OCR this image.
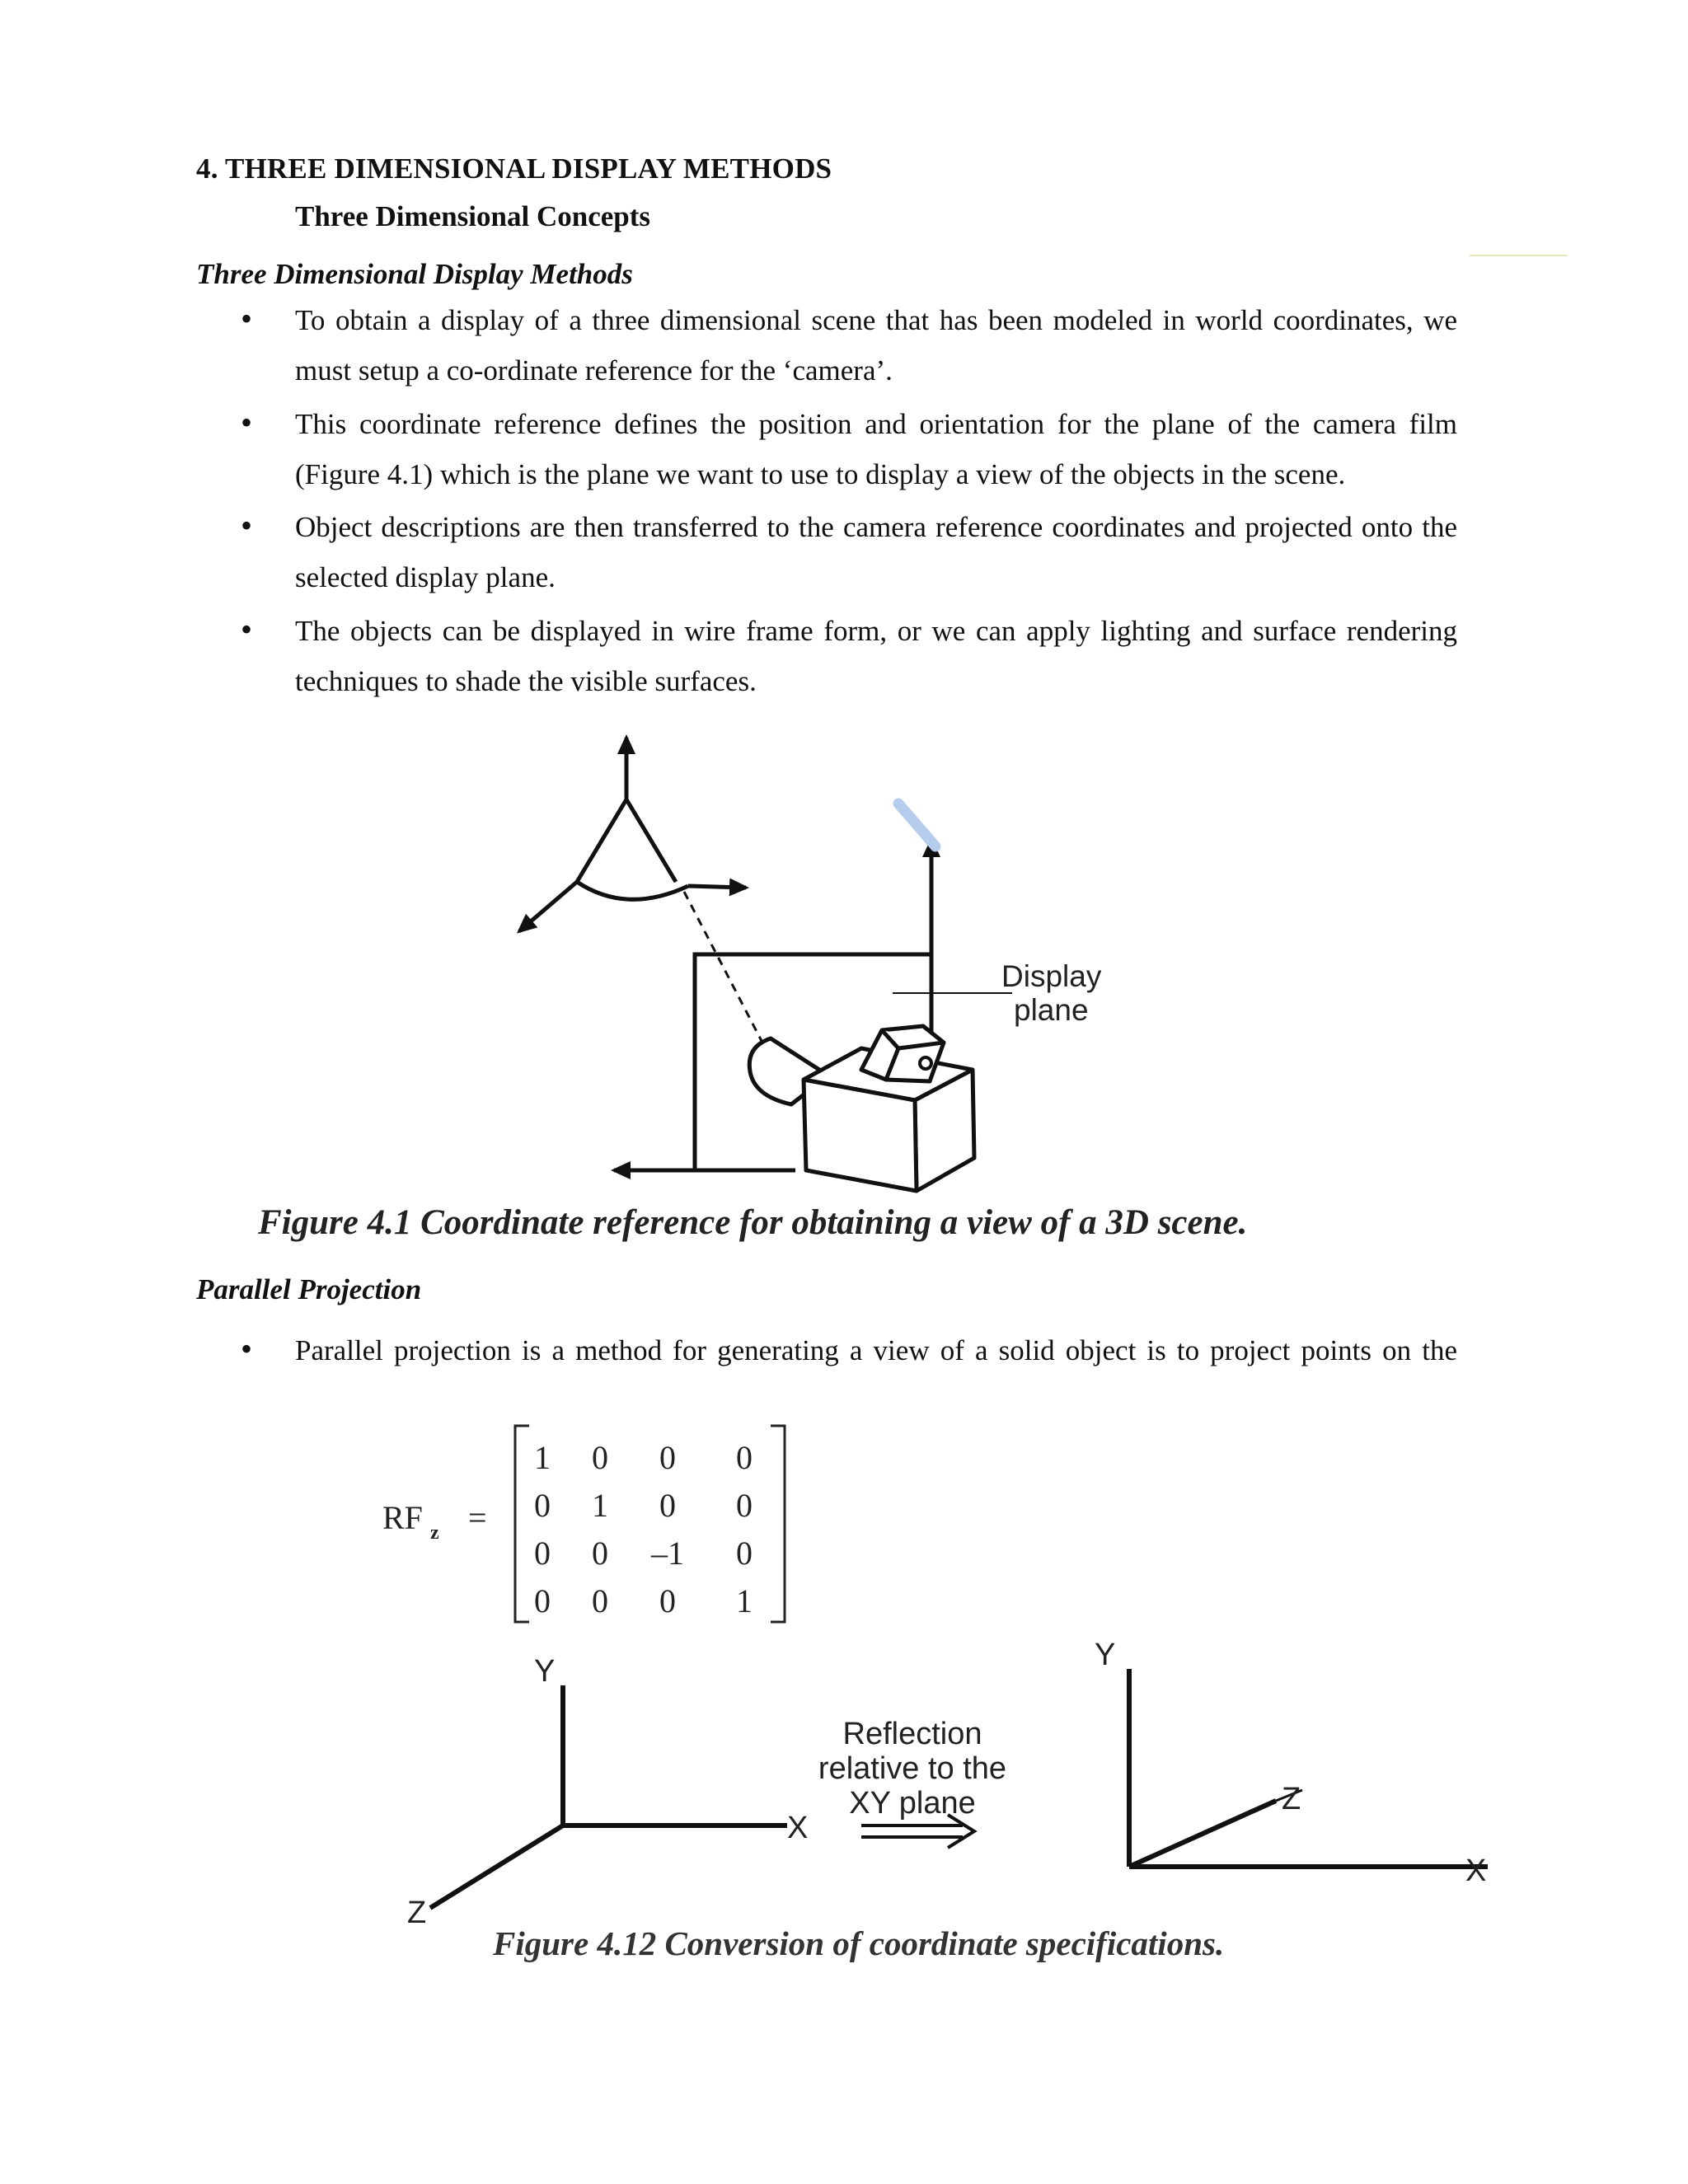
4. THREE DIMENSIONAL DISPLAY METHODS
Three Dimensional Concepts
Three Dimensional Display Methods
• To obtain a display of a three dimensional scene that has been modeled in world coordinates, we must setup a co-ordinate reference for the ‘camera’.
• This coordinate reference defines the position and orientation for the plane of the camera film (Figure 4.1) which is the plane we want to use to display a view of the objects in the scene.
• Object descriptions are then transferred to the camera reference coordinates and projected onto the selected display plane.
• The objects can be displayed in wire frame form, or we can apply lighting and surface rendering techniques to shade the visible surfaces.
Display
plane
Figure 4.1 Coordinate reference for obtaining a view of a 3D scene.
Parallel Projection
• Parallel projection is a method for generating a view of a solid object is to project points on the
RF z =
1 0 0 0
0 1 0 0
0 0 –1 0
0 0 0 1
Y
X
Z
Reflection
relative to the
XY plane
Y
X
Z
Figure 4.12 Conversion of coordinate specifications.
